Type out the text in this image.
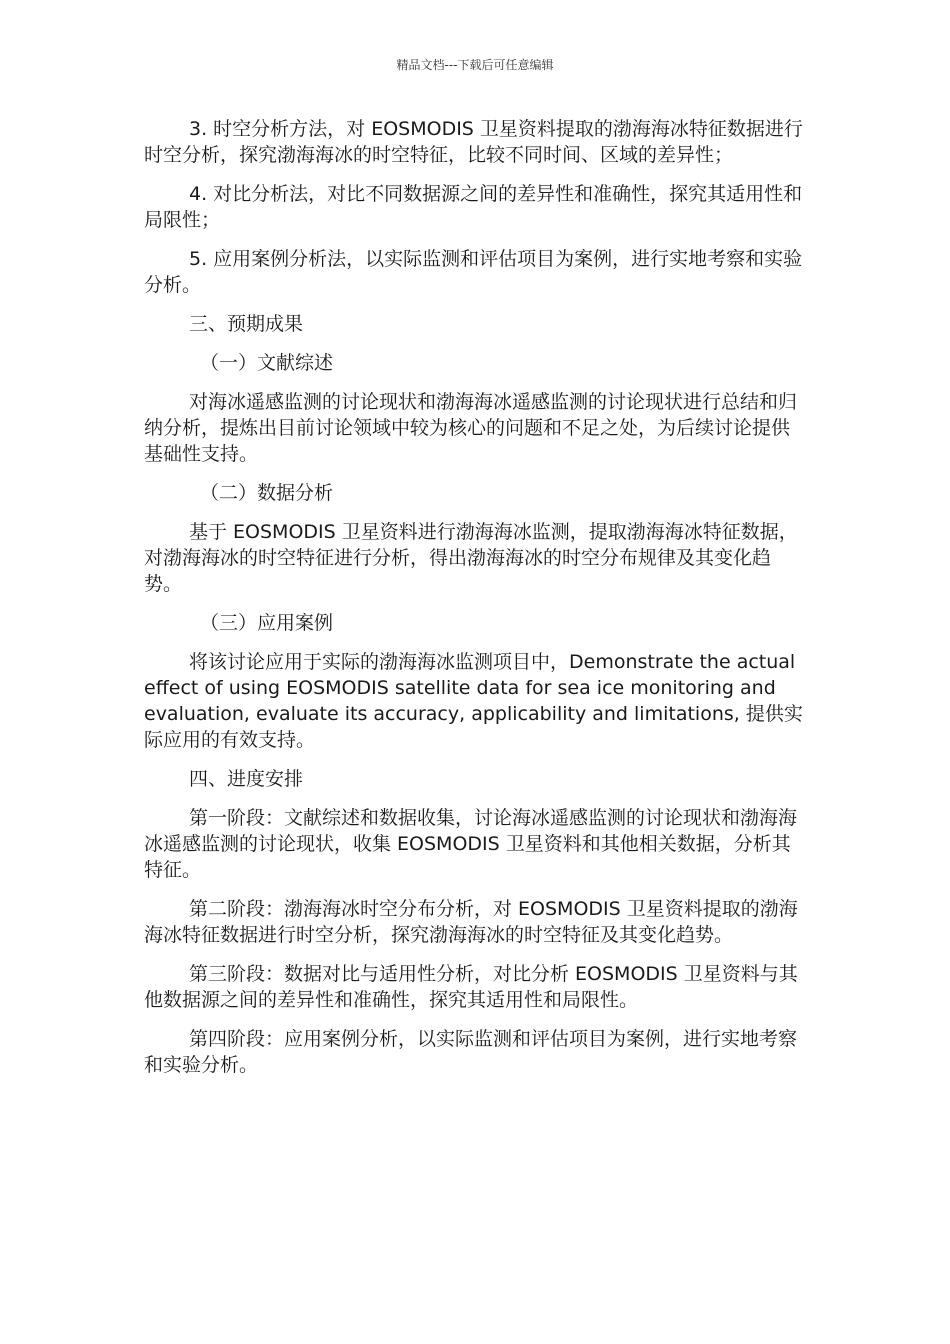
精品文档---下载后可任意编辑

3. 时空分析方法，对 EOSMODIS 卫星资料提取的渤海海冰特征数据进行时空分析，探究渤海海冰的时空特征，比较不同时间、区域的差异性；

4. 对比分析法，对比不同数据源之间的差异性和准确性，探究其适用性和局限性；

5. 应用案例分析法，以实际监测和评估项目为案例，进行实地考察和实验分析。

三、预期成果

（一）文献综述

对海冰遥感监测的讨论现状和渤海海冰遥感监测的讨论现状进行总结和归纳分析，提炼出目前讨论领域中较为核心的问题和不足之处，为后续讨论提供基础性支持。

（二）数据分析

基于 EOSMODIS 卫星资料进行渤海海冰监测，提取渤海海冰特征数据，对渤海海冰的时空特征进行分析，得出渤海海冰的时空分布规律及其变化趋势。

（三）应用案例

将该讨论应用于实际的渤海海冰监测项目中，Demonstrate the actual effect of using EOSMODIS satellite data for sea ice monitoring and evaluation, evaluate its accuracy, applicability and limitations, 提供实际应用的有效支持。

四、进度安排

第一阶段：文献综述和数据收集，讨论海冰遥感监测的讨论现状和渤海海冰遥感监测的讨论现状，收集 EOSMODIS 卫星资料和其他相关数据，分析其特征。

第二阶段：渤海海冰时空分布分析，对 EOSMODIS 卫星资料提取的渤海海冰特征数据进行时空分析，探究渤海海冰的时空特征及其变化趋势。

第三阶段：数据对比与适用性分析，对比分析 EOSMODIS 卫星资料与其他数据源之间的差异性和准确性，探究其适用性和局限性。

第四阶段：应用案例分析，以实际监测和评估项目为案例，进行实地考察和实验分析。
